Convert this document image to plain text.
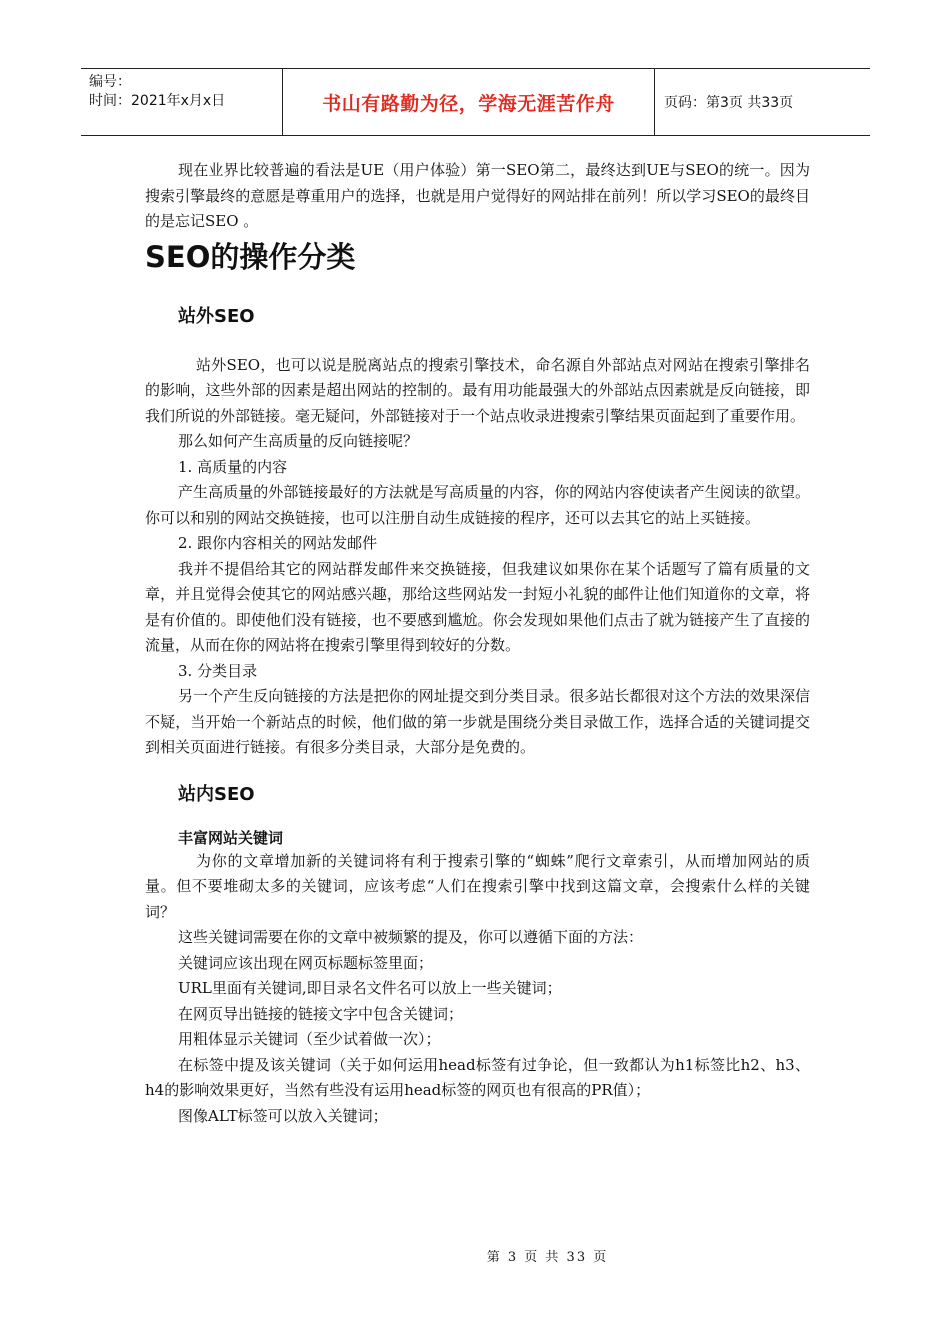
编号：
时间：2021年x月x日	书山有路勤为径，学海无涯苦作舟	页码：第3页 共33页

现在业界比较普遍的看法是UE（用户体验）第一SEO第二，最终达到UE与SEO的统一。因为搜索引擎最终的意愿是尊重用户的选择，也就是用户觉得好的网站排在前列！所以学习SEO的最终目的是忘记SEO 。

SEO的操作分类
站外SEO

站外SEO，也可以说是脱离站点的搜索引擎技术，命名源自外部站点对网站在搜索引擎排名的影响，这些外部的因素是超出网站的控制的。最有用功能最强大的外部站点因素就是反向链接，即我们所说的外部链接。毫无疑问，外部链接对于一个站点收录进搜索引擎结果页面起到了重要作用。

那么如何产生高质量的反向链接呢？

1. 高质量的内容

产生高质量的外部链接最好的方法就是写高质量的内容，你的网站内容使读者产生阅读的欲望。你可以和别的网站交换链接，也可以注册自动生成链接的程序，还可以去其它的站上买链接。

2. 跟你内容相关的网站发邮件

我并不提倡给其它的网站群发邮件来交换链接，但我建议如果你在某个话题写了篇有质量的文章，并且觉得会使其它的网站感兴趣，那给这些网站发一封短小礼貌的邮件让他们知道你的文章，将是有价值的。即使他们没有链接，也不要感到尴尬。你会发现如果他们点击了就为链接产生了直接的流量，从而在你的网站将在搜索引擎里得到较好的分数。

3. 分类目录

另一个产生反向链接的方法是把你的网址提交到分类目录。很多站长都很对这个方法的效果深信不疑，当开始一个新站点的时候，他们做的第一步就是围绕分类目录做工作，选择合适的关键词提交到相关页面进行链接。有很多分类目录，大部分是免费的。

站内SEO
丰富网站关键词

为你的文章增加新的关键词将有利于搜索引擎的“蜘蛛”爬行文章索引，从而增加网站的质量。但不要堆砌太多的关键词，应该考虑“人们在搜索引擎中找到这篇文章，会搜索什么样的关键词？

这些关键词需要在你的文章中被频繁的提及，你可以遵循下面的方法：

关键词应该出现在网页标题标签里面；

URL里面有关键词,即目录名文件名可以放上一些关键词；

在网页导出链接的链接文字中包含关键词；

用粗体显示关键词（至少试着做一次）；

在标签中提及该关键词（关于如何运用head标签有过争论，但一致都认为h1标签比h2、h3、 h4的影响效果更好，当然有些没有运用head标签的网页也有很高的PR值）；

图像ALT标签可以放入关键词；

第 3 页 共 33 页
